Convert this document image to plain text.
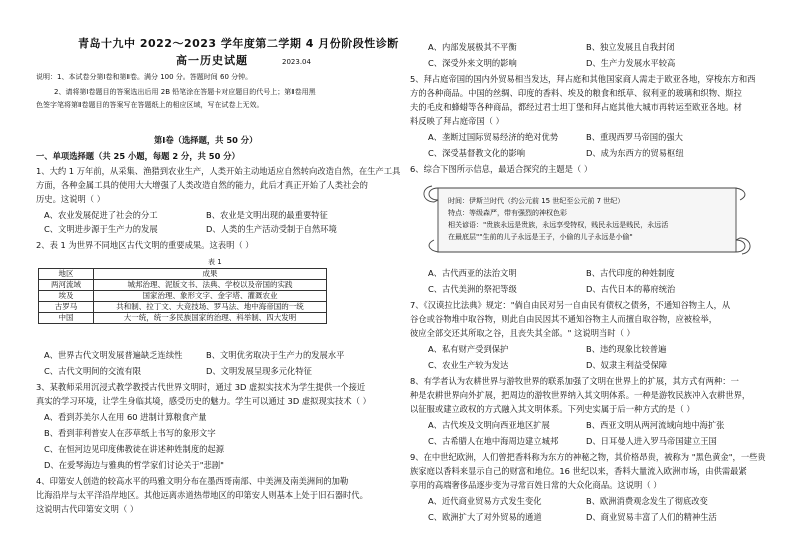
青岛十九中 2022～2023 学年度第二学期 4 月份阶段性诊断
高一历史试题	2023.04
说明：1、本试卷分第Ⅰ卷和第Ⅱ卷。满分 100 分。答题时间 60 分钟。
2、请将第Ⅰ卷题目的答案选出后用 2B 铅笔涂在答题卡对应题目的代号上；第Ⅱ卷用黑
色签字笔将第Ⅱ卷题目的答案写在答题纸上的相应区域，写在试卷上无效。
第Ⅰ卷（选择题，共 50 分）
一、单项选择题（共 25 小题，每题 2 分，共 50 分）
1、大约 1 万年前，从采集、渔猎到农业生产，人类开始主动地适应自然转向改造自然，在生产工具
方面，各种金属工具的使用大大增强了人类改造自然的能力，此后才真正开始了人类社会的
历史。这说明（ ）
A、农业发展促进了社会的分工	B、农业是文明出现的最重要特征
C、文明进步源于生产力的发展	D、人类的生产活动受制于自然环境
2、表 1 为世界不同地区古代文明的重要成果。这表明（ ）
表 1
地区	成果
两河流域	城邦治理、泥版文书、法典、学校以及帝国的实践
埃及	国家治理、象形文字、金字塔、灌溉农业
古罗马	共和制、拉丁文、大竞技场、罗马法、地中海帝国的一统
中国	大一统，统一多民族国家的治理、科举制、四大发明
A、世界古代文明发展普遍缺乏连续性	B、文明优劣取决于生产力的发展水平
C、古代文明间的交流有限	D、文明发展呈现多元化特征
3、某教师采用沉浸式教学教授古代世界文明时，通过 3D 虚拟实技术为学生提供一个接近
真实的学习环境，让学生身临其境，感受历史的魅力。学生可以通过 3D 虚拟现实技术（ ）
A、看到苏美尔人在用 60 进制计算粮食产量
B、看到菲利普安人在莎草纸上书写的象形文字
C、在恒河边见印度佛教徒在讲述种姓制度的起源
D、在爱琴海边与雅典的哲学家们讨论关于"悲剧"
4、印第安人创造的较高水平的玛雅文明分布在墨西哥南部、中美洲及南美洲间的加勒
比海沿岸与太平洋沿岸地区。其他远离赤道热带地区的印第安人则基本上处于旧石器时代。
这说明古代印第安文明（ ）
A、内部发展极其不平衡	B、独立发展且自我封闭
C、深受外来文明的影响	D、生产力发展水平较高
5、拜占庭帝国的国内外贸易相当发达，拜占庭和其他国家商人需走于欧亚各地，穿梭东方和西
方的各种商品。中国的丝绸、印度的香料、埃及的粮食和纸草、叙利亚的玻璃和织物、斯拉
夫的毛皮和蜂蜡等各种商品，都经过君士坦丁堡和拜占庭其他大城市再转运至欧亚各地。材
料反映了拜占庭帝国（ ）
A、垄断过国际贸易经济的绝对优势	B、重现西罗马帝国的强大
C、深受基督教文化的影响	D、成为东西方的贸易枢纽
6、综合下图所示信息，最适合探究的主题是（ ）
时间：伊斯兰时代（约公元前 15 世纪至公元前 7 世纪）
特点：等级森严，带有强烈的神权色彩
相关谚语："贵族永远是贵族，永远享受特权，贱民永远是贱民，永远活
在最底层""生前的儿子永远是王子，小偷的儿子永远是小偷"
A、古代西亚的法治文明	B、古代印度的种姓制度
C、古代美洲的祭祀等级	D、古代日本的幕府统治
7、《汉谟拉比法典》规定："倘自由民对另一自由民有债权之债务，不通知谷物主人，从
谷仓或谷物堆中取谷物，则此自由民因其不通知谷物主人而擅自取谷物，应被检举，
彼应全部交还其所取之谷，且丧失其全部。" 这说明当时（ ）
A、私有财产受到保护	B、违约现象比较普遍
C、农业生产较为发达	D、奴隶主利益受保障
8、有学者认为农耕世界与游牧世界的联系加强了文明在世界上的扩展，其方式有两种：一
种是农耕世界向外扩展，把周边的游牧世界纳入其文明体系。一种是游牧民族冲入农耕世界，
以征服或建立政权的方式融入其文明体系。下列史实属于后一种方式的是（ ）
A、古代埃及文明向西亚地区扩展	B、西亚文明从两河流域向地中海扩张
C、古希腊人在地中海周边建立城邦	D、日耳曼人进入罗马帝国建立王国
9、在中世纪欧洲，人们曾把香料称为东方的神秘之物，其价格昂贵，被称为 "黑色黄金"，一些贵
族家庭以香料来显示自己的财富和地位。16 世纪以来，香料大量流入欧洲市场，由供需最紧
享用的高端奢侈品逐步变为寻常百姓日常的大众化商品。这说明（ ）
A、近代商业贸易方式发生变化	B、欧洲消费观念发生了彻底改变
C、欧洲扩大了对外贸易的通道	D、商业贸易丰富了人们的精神生活
